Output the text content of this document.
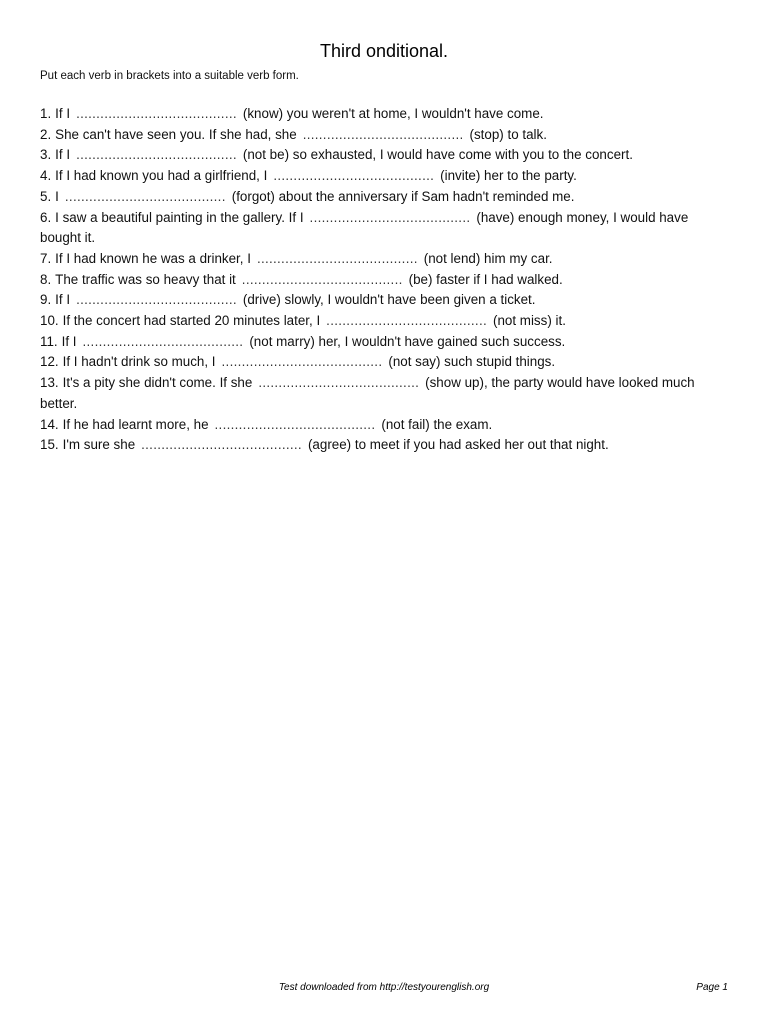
Third onditional.

Put each verb in brackets into a suitable verb form.

1. If I ........................................ (know) you weren't at home, I wouldn't have come.
2. She can't have seen you. If she had, she ........................................ (stop) to talk.
3. If I ........................................ (not be) so exhausted, I would have come with you to the concert.
4. If I had known you had a girlfriend, I ........................................ (invite) her to the party.
5. I ........................................ (forgot) about the anniversary if Sam hadn't reminded me.
6. I saw a beautiful painting in the gallery. If I ........................................ (have) enough money, I would have bought it.
7. If I had known he was a drinker, I ........................................ (not lend) him my car.
8. The traffic was so heavy that it ........................................ (be) faster if I had walked.
9. If I ........................................ (drive) slowly, I wouldn't have been given a ticket.
10. If the concert had started 20 minutes later, I ........................................ (not miss) it.
11. If I ........................................ (not marry) her, I wouldn't have gained such success.
12. If I hadn't drink so much, I ........................................ (not say) such stupid things.
13. It's a pity she didn't come. If she ........................................ (show up), the party would have looked much better.
14. If he had learnt more, he ........................................ (not fail) the exam.
15. I'm sure she ........................................ (agree) to meet if you had asked her out that night.
Test downloaded from http://testyourenglish.org	Page 1
